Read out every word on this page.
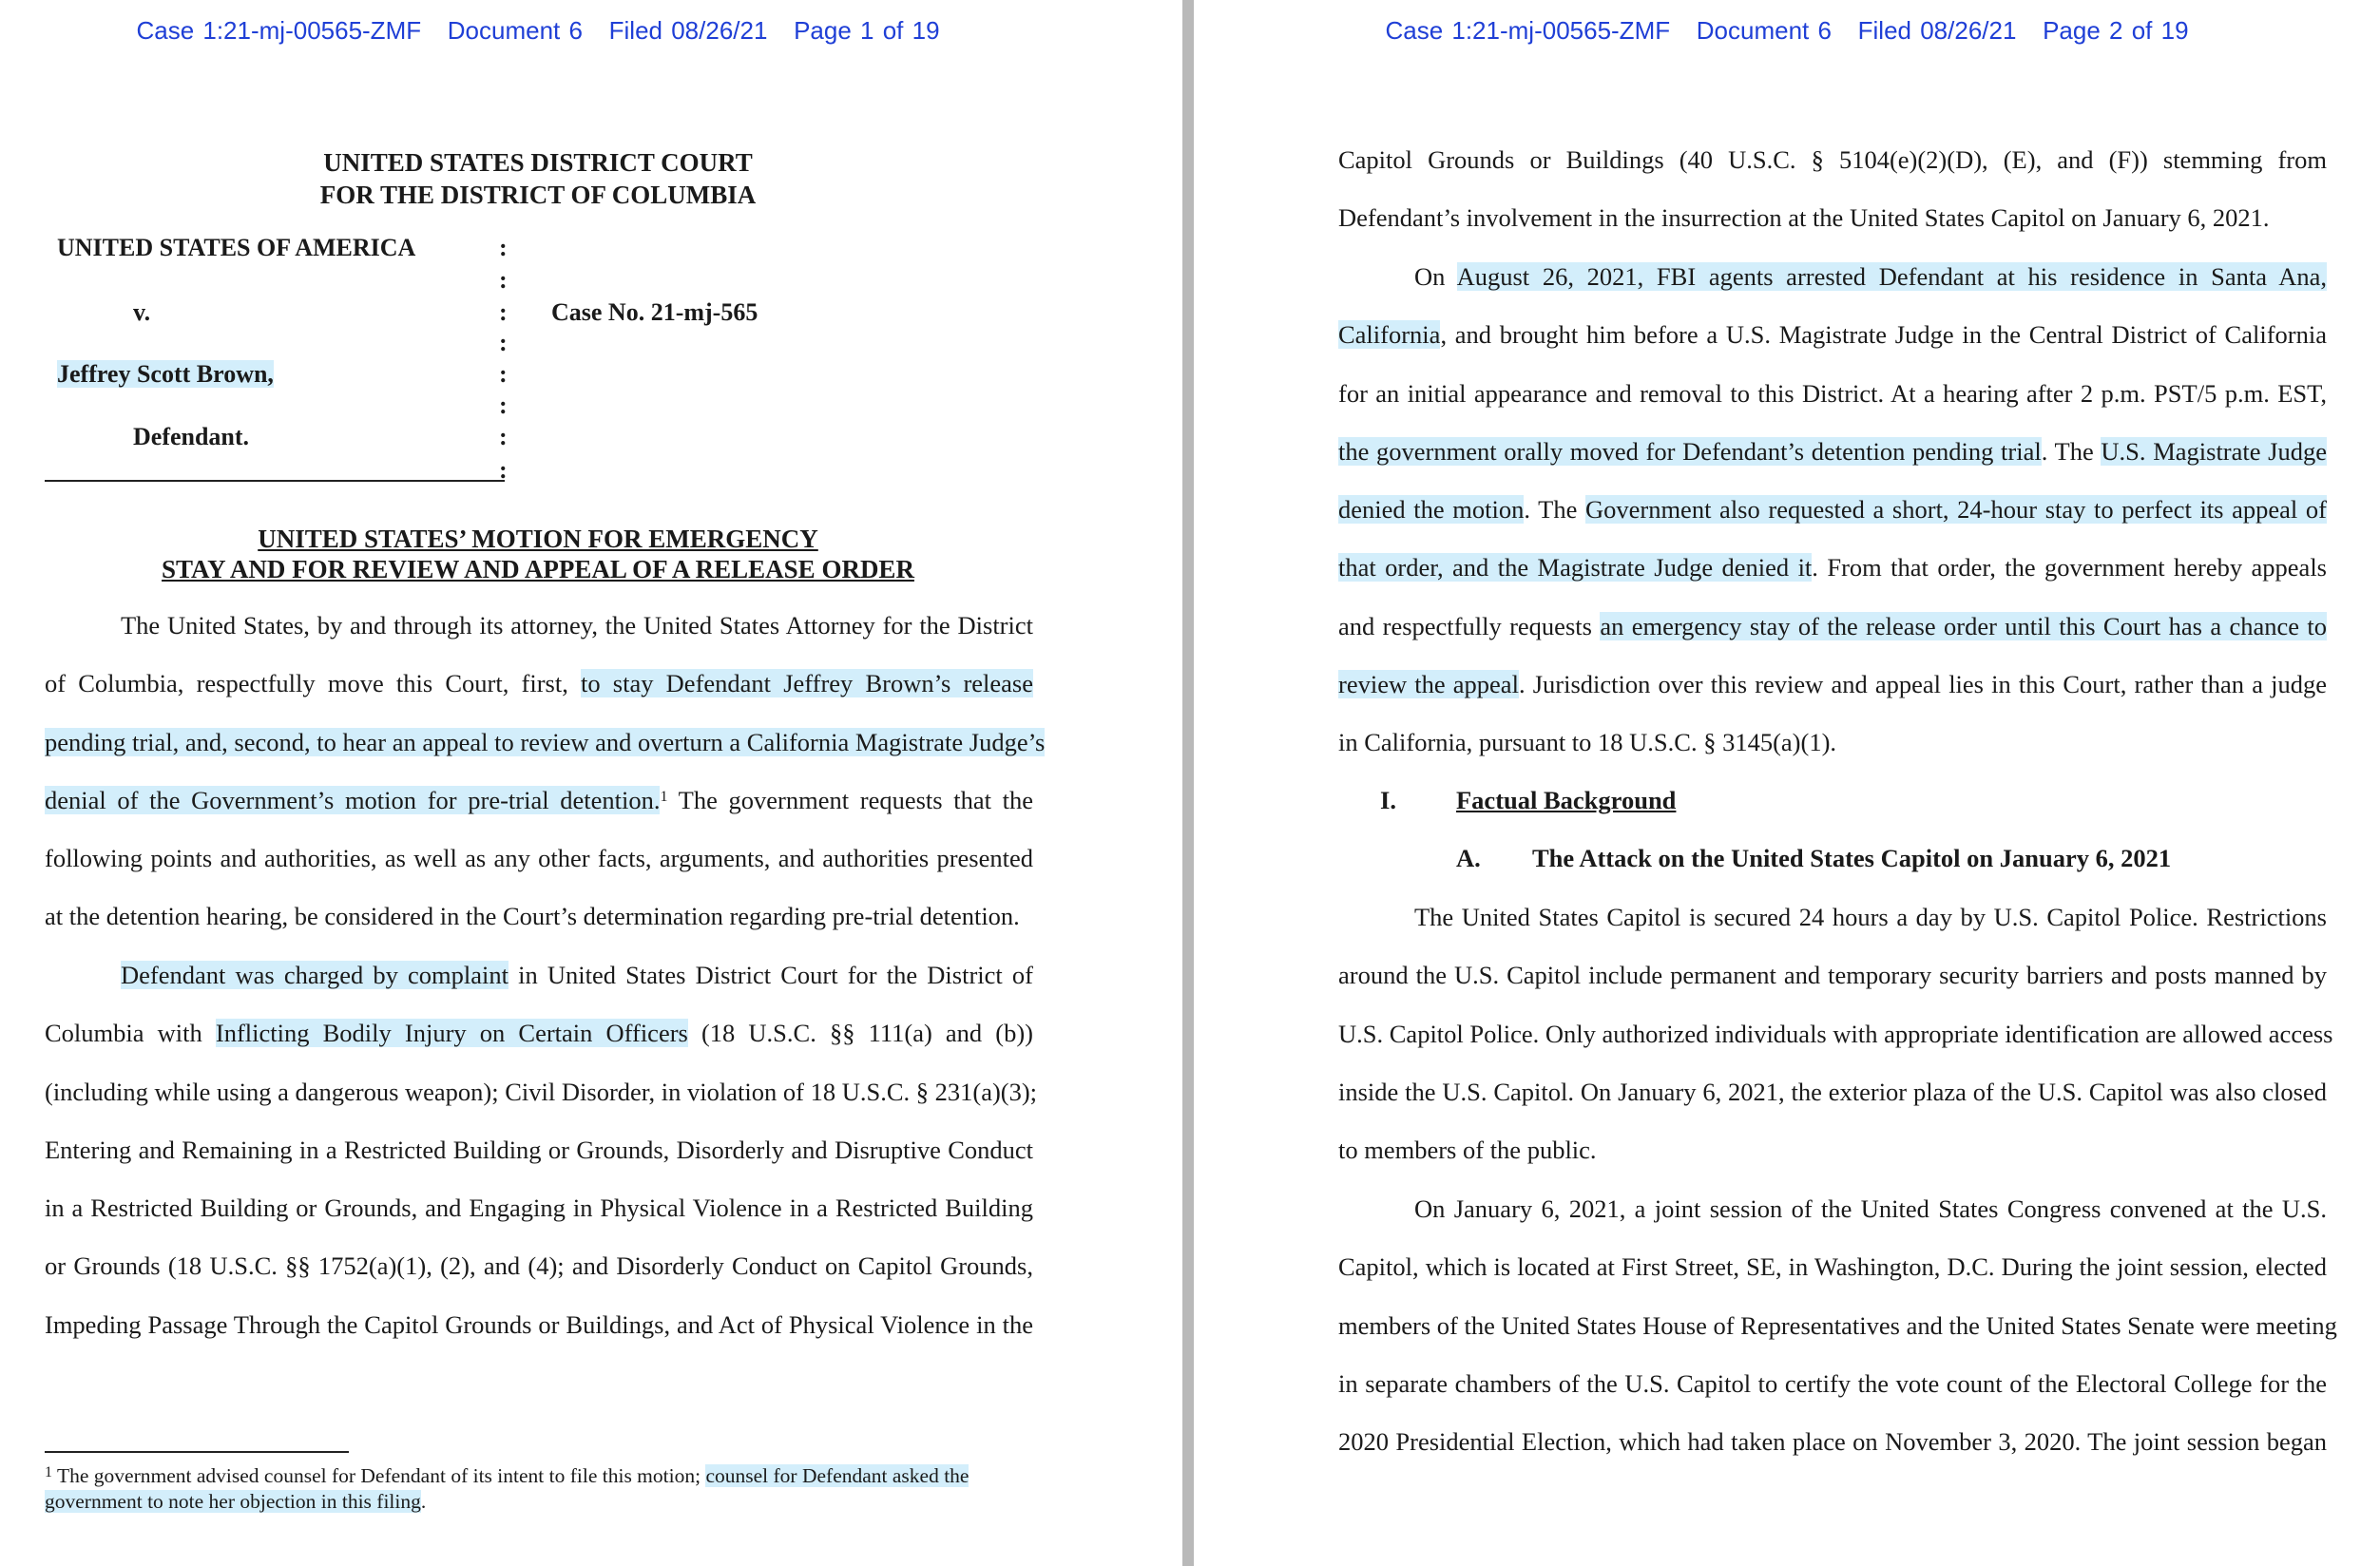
Case 1:21-mj-00565-ZMF   Document 6   Filed 08/26/21   Page 1 of 19
UNITED STATES DISTRICT COURT
FOR THE DISTRICT OF COLUMBIA
UNITED STATES OF AMERICA
v.
Jeffrey Scott Brown,
Defendant.
Case No. 21-mj-565
:
:
:
:
:
:
:
:
UNITED STATES’ MOTION FOR EMERGENCY
STAY AND FOR REVIEW AND APPEAL OF A RELEASE ORDER
The United States, by and through its attorney, the United States Attorney for the District
of Columbia, respectfully move this Court, first, to stay Defendant Jeffrey Brown’s release
pending trial, and, second, to hear an appeal to review and overturn a California Magistrate Judge’s
denial of the Government’s motion for pre-trial detention.$^1$ The government requests that the
following points and authorities, as well as any other facts, arguments, and authorities presented
at the detention hearing, be considered in the Court’s determination regarding pre-trial detention.
Defendant was charged by complaint in United States District Court for the District of
Columbia with Inflicting Bodily Injury on Certain Officers (18 U.S.C. §§ 111(a) and (b))
(including while using a dangerous weapon); Civil Disorder, in violation of 18 U.S.C. § 231(a)(3);
Entering and Remaining in a Restricted Building or Grounds, Disorderly and Disruptive Conduct
in a Restricted Building or Grounds, and Engaging in Physical Violence in a Restricted Building
or Grounds (18 U.S.C. §§ 1752(a)(1), (2), and (4); and Disorderly Conduct on Capitol Grounds,
Impeding Passage Through the Capitol Grounds or Buildings, and Act of Physical Violence in the
$^1$ The government advised counsel for Defendant of its intent to file this motion; counsel for Defendant asked the
government to note her objection in this filing.
Case 1:21-mj-00565-ZMF   Document 6   Filed 08/26/21   Page 2 of 19
Capitol Grounds or Buildings (40 U.S.C. § 5104(e)(2)(D), (E), and (F)) stemming from
Defendant’s involvement in the insurrection at the United States Capitol on January 6, 2021.
On August 26, 2021, FBI agents arrested Defendant at his residence in Santa Ana,
California, and brought him before a U.S. Magistrate Judge in the Central District of California
for an initial appearance and removal to this District. At a hearing after 2 p.m. PST/5 p.m. EST,
the government orally moved for Defendant’s detention pending trial. The U.S. Magistrate Judge
denied the motion. The Government also requested a short, 24-hour stay to perfect its appeal of
that order, and the Magistrate Judge denied it. From that order, the government hereby appeals
and respectfully requests an emergency stay of the release order until this Court has a chance to
review the appeal. Jurisdiction over this review and appeal lies in this Court, rather than a judge
in California, pursuant to 18 U.S.C. § 3145(a)(1).
I. Factual Background
A. The Attack on the United States Capitol on January 6, 2021
The United States Capitol is secured 24 hours a day by U.S. Capitol Police. Restrictions
around the U.S. Capitol include permanent and temporary security barriers and posts manned by
U.S. Capitol Police. Only authorized individuals with appropriate identification are allowed access
inside the U.S. Capitol. On January 6, 2021, the exterior plaza of the U.S. Capitol was also closed
to members of the public.
On January 6, 2021, a joint session of the United States Congress convened at the U.S.
Capitol, which is located at First Street, SE, in Washington, D.C. During the joint session, elected
members of the United States House of Representatives and the United States Senate were meeting
in separate chambers of the U.S. Capitol to certify the vote count of the Electoral College for the
2020 Presidential Election, which had taken place on November 3, 2020. The joint session began
